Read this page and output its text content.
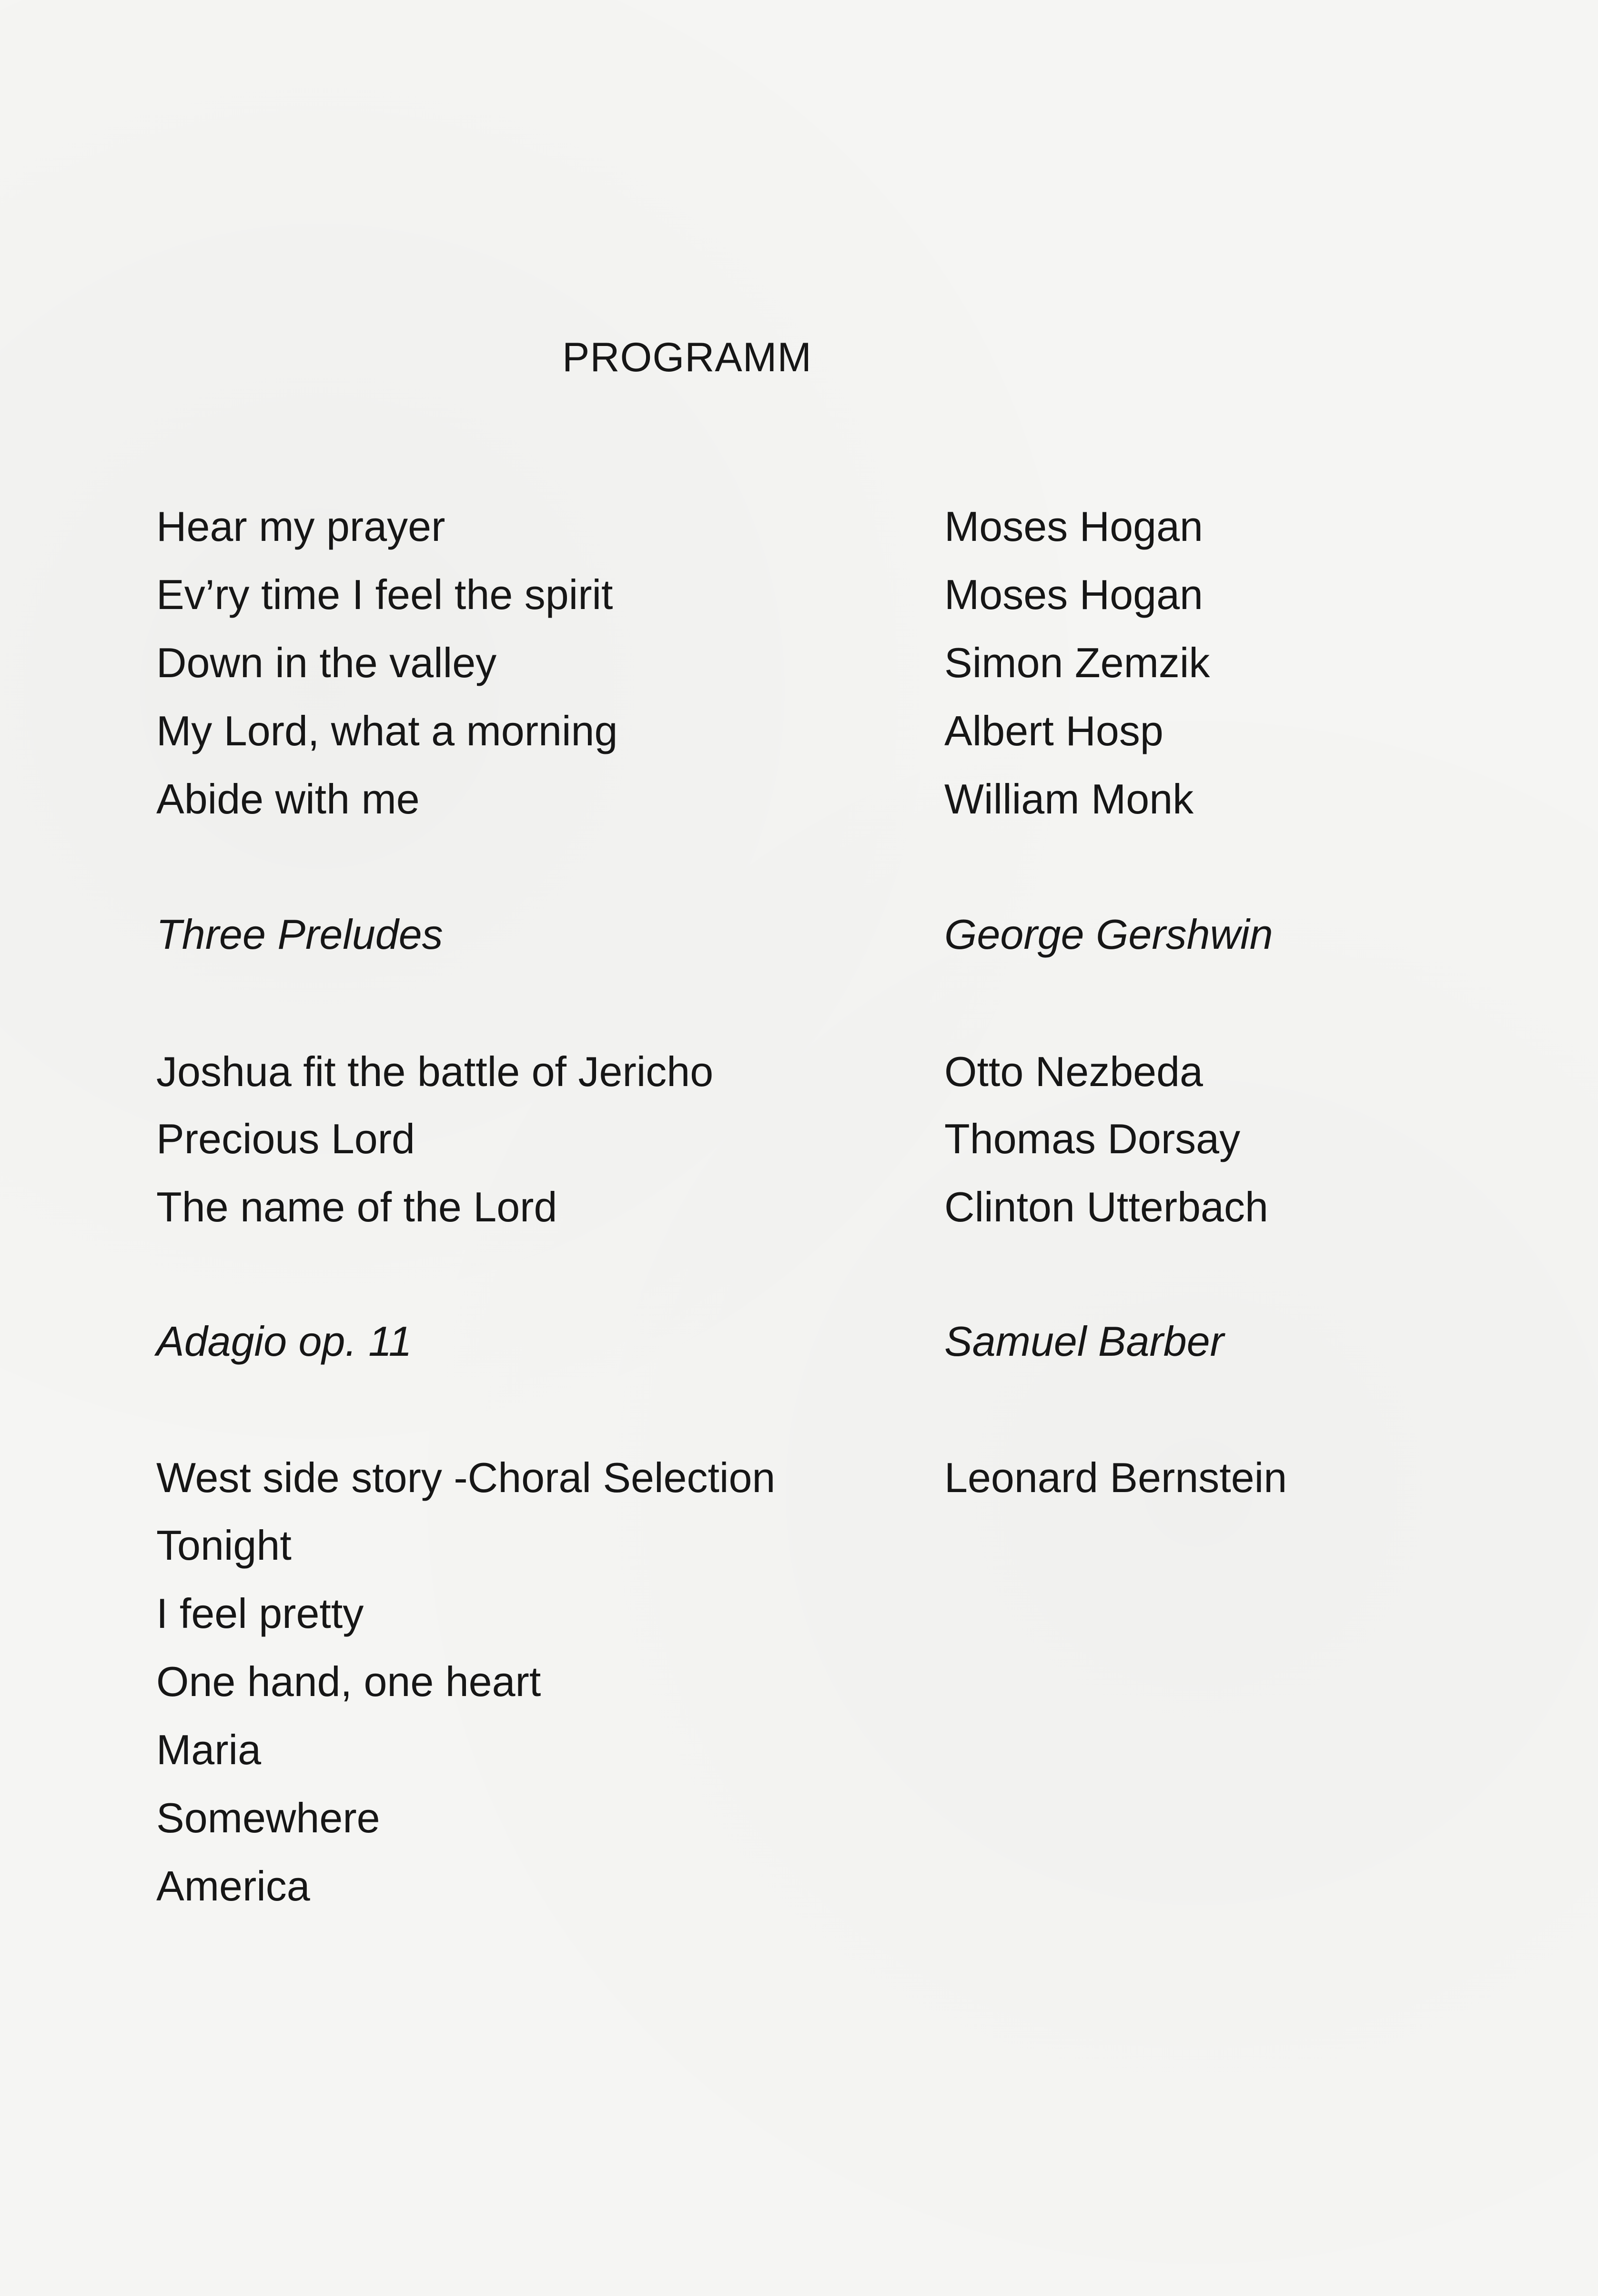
PROGRAMM
Hear my prayer	Moses Hogan
Ev’ry time I feel the spirit	Moses Hogan
Down in the valley	Simon Zemzik
My Lord, what a morning	Albert Hosp
Abide with me	William Monk
Three Preludes	George Gershwin
Joshua fit the battle of Jericho	Otto Nezbeda
Precious Lord	Thomas Dorsay
The name of the Lord	Clinton Utterbach
Adagio op. 11	Samuel Barber
West side story -Choral Selection	Leonard Bernstein
Tonight
I feel pretty
One hand, one heart
Maria
Somewhere
America
